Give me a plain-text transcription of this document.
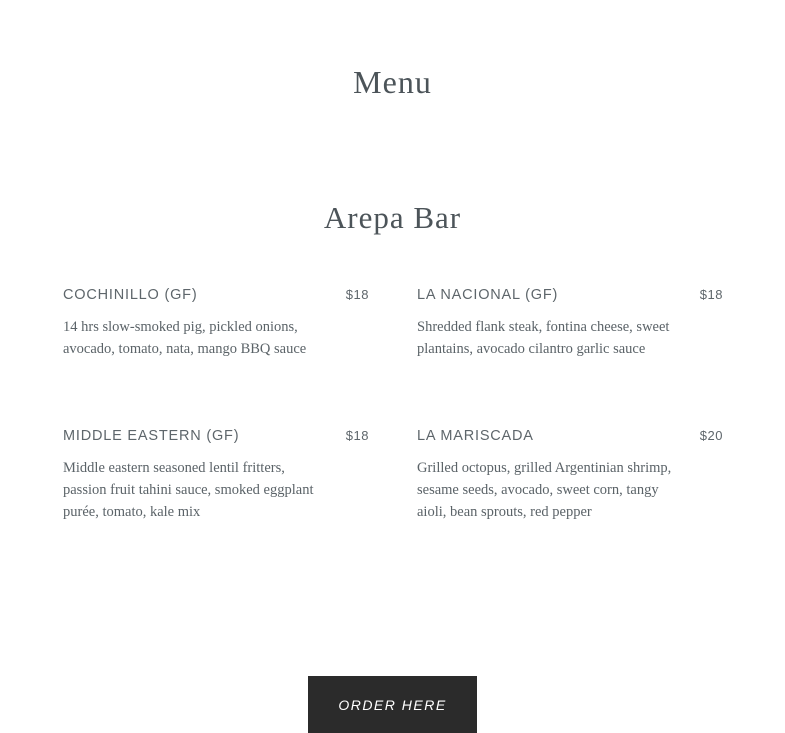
Menu
Arepa Bar
COCHINILLO (GF)	$18
14 hrs slow-smoked pig, pickled onions, avocado, tomato, nata, mango BBQ sauce
LA NACIONAL (GF)	$18
Shredded flank steak, fontina cheese, sweet plantains, avocado cilantro garlic sauce
MIDDLE EASTERN (GF)	$18
Middle eastern seasoned lentil fritters, passion fruit tahini sauce, smoked eggplant purée, tomato, kale mix
LA MARISCADA	$20
Grilled octopus, grilled Argentinian shrimp, sesame seeds, avocado, sweet corn, tangy aioli, bean sprouts, red pepper
ORDER HERE
